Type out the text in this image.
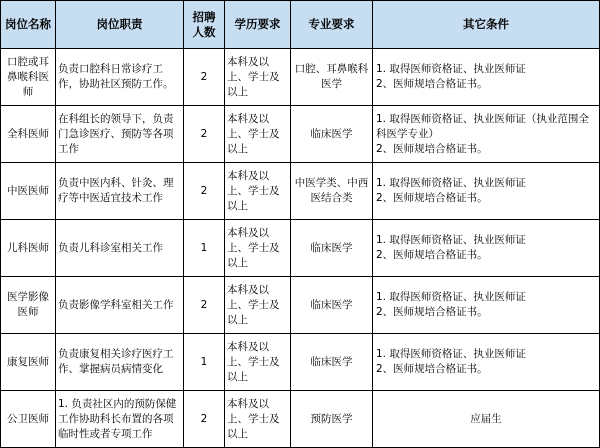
岗位名称	岗位职责	招聘人数	学历要求	专业要求	其它条件
口腔或耳鼻喉科医师	负责口腔科日常诊疗工作，协助社区预防工作。	2	本科及以上、学士及以上	口腔、耳鼻喉科医学	1. 取得医师资格证、执业医师证
2、医师规培合格证书。
全科医师	在科组长的领导下，负责门急诊医疗、预防等各项工作	2	本科及以上、学士及以上	临床医学	1. 取得医师资格证、执业医师证（执业范围全科医学专业）
2、医师规培合格证书。
中医医师	负责中医内科、针灸、理疗等中医适宜技术工作	2	本科及以上、学士及以上	中医学类、中西医结合类	1. 取得医师资格证、执业医师证
2、医师规培合格证书。
儿科医师	负责儿科诊室相关工作	1	本科及以上、学士及以上	临床医学	1. 取得医师资格证、执业医师证
2、医师规培合格证书。
医学影像医师	负责影像学科室相关工作	2	本科及以上、学士及以上	临床医学	1. 取得医师资格证、执业医师证
2、医师规培合格证书。
康复医师	负责康复相关诊疗医疗工作、掌握病员病情变化	1	本科及以上、学士及以上	临床医学	1. 取得医师资格证、执业医师证
2、医师规培合格证书。
公卫医师	1. 负责社区内的预防保健工作协助科长布置的各项临时性或者专项工作	2	本科及以上、学士及以上	预防医学	应届生
